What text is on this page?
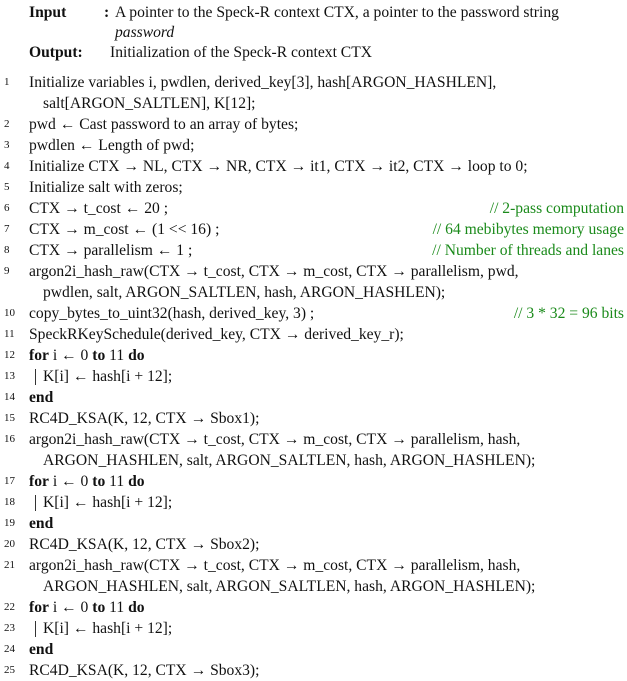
Input : A pointer to the Speck-R context CTX, a pointer to the password string
password
Output: Initialization of the Speck-R context CTX
1	Initialize variables i, pwdlen, derived_key[3], hash[ARGON_HASHLEN],
salt[ARGON_SALTLEN], K[12];
2	pwd ← Cast password to an array of bytes;
3	pwdlen ← Length of pwd;
4	Initialize CTX → NL, CTX → NR, CTX → it1, CTX → it2, CTX → loop to 0;
5	Initialize salt with zeros;
6	CTX → t_cost ← 20 ;	// 2-pass computation
7	CTX → m_cost ← (1 << 16) ;	// 64 mebibytes memory usage
8	CTX → parallelism ← 1 ;	// Number of threads and lanes
9	argon2i_hash_raw(CTX → t_cost, CTX → m_cost, CTX → parallelism, pwd,
pwdlen, salt, ARGON_SALTLEN, hash, ARGON_HASHLEN);
10 copy_bytes_to_uint32(hash, derived_key, 3) ;	// 3 * 32 = 96 bits
11 SpeckRKeySchedule(derived_key, CTX → derived_key_r);
12 for i ← 0 to 11 do
13	K[i] ← hash[i + 12];
14 end
15 RC4D_KSA(K, 12, CTX → Sbox1);
16 argon2i_hash_raw(CTX → t_cost, CTX → m_cost, CTX → parallelism, hash,
ARGON_HASHLEN, salt, ARGON_SALTLEN, hash, ARGON_HASHLEN);
17 for i ← 0 to 11 do
18	K[i] ← hash[i + 12];
19 end
20 RC4D_KSA(K, 12, CTX → Sbox2);
21 argon2i_hash_raw(CTX → t_cost, CTX → m_cost, CTX → parallelism, hash,
ARGON_HASHLEN, salt, ARGON_SALTLEN, hash, ARGON_HASHLEN);
22 for i ← 0 to 11 do
23	K[i] ← hash[i + 12];
24 end
25 RC4D_KSA(K, 12, CTX → Sbox3);
